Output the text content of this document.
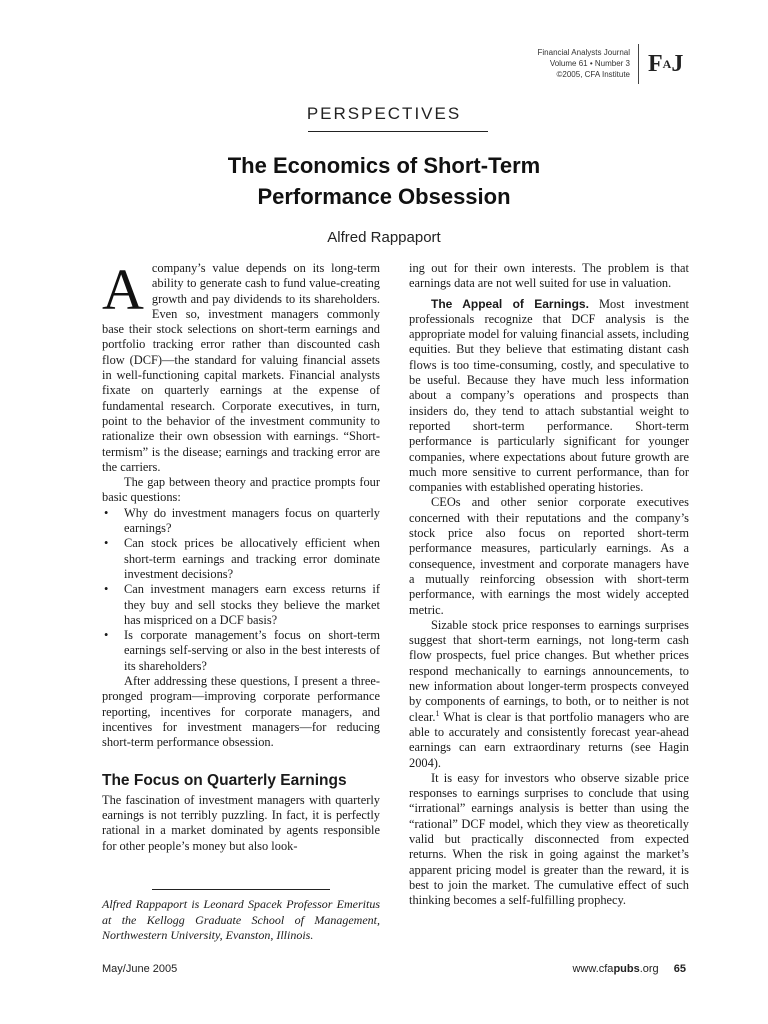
Financial Analysts Journal
Volume 61 • Number 3
©2005, CFA Institute FAJ
PERSPECTIVES
The Economics of Short-Term
Performance Obsession
Alfred Rappaport

Acompany’s value depends on its long-term ability to generate cash to fund value-creating growth and pay dividends to its shareholders. Even so, investment managers commonly base their stock selections on short-term earnings and portfolio tracking error rather than discounted cash flow (DCF)—the standard for valuing financial assets in well-functioning capital markets. Financial analysts fixate on quarterly earnings at the expense of fundamental research. Corporate executives, in turn, point to the behavior of the investment community to rationalize their own obsession with earnings. “Short-termism” is the disease; earnings and tracking error are the carriers.

The gap between theory and practice prompts four basic questions:

• Why do investment managers focus on quarterly earnings?
• Can stock prices be allocatively efficient when short-term earnings and tracking error dominate investment decisions?
• Can investment managers earn excess returns if they buy and sell stocks they believe the market has mispriced on a DCF basis?
• Is corporate management’s focus on short-term earnings self-serving or also in the best interests of its shareholders?

After addressing these questions, I present a three-pronged program—improving corporate performance reporting, incentives for corporate managers, and incentives for investment managers—for reducing short-term performance obsession.

The Focus on Quarterly Earnings

The fascination of investment managers with quarterly earnings is not terribly puzzling. In fact, it is perfectly rational in a market dominated by agents responsible for other people’s money but also look-

ing out for their own interests. The problem is that earnings data are not well suited for use in valuation.

The Appeal of Earnings. Most investment professionals recognize that DCF analysis is the appropriate model for valuing financial assets, including equities. But they believe that estimating distant cash flows is too time-consuming, costly, and speculative to be useful. Because they have much less information about a company’s operations and prospects than insiders do, they tend to attach substantial weight to reported short-term performance. Short-term performance is particularly significant for younger companies, where expectations about future growth are much more sensitive to current performance, than for companies with established operating histories.

CEOs and other senior corporate executives concerned with their reputations and the company’s stock price also focus on reported short-term performance measures, particularly earnings. As a consequence, investment and corporate managers have a mutually reinforcing obsession with short-term performance, with earnings the most widely accepted metric.

Sizable stock price responses to earnings surprises suggest that short-term earnings, not long-term cash flow prospects, fuel price changes. But whether prices respond mechanically to earnings announcements, to new information about longer-term prospects conveyed by components of earnings, to both, or to neither is not clear.$^1$ What is clear is that portfolio managers who are able to accurately and consistently forecast year-ahead earnings can earn extraordinary returns (see Hagin 2004).

It is easy for investors who observe sizable price responses to earnings surprises to conclude that using “irrational” earnings analysis is better than using the “rational” DCF model, which they view as theoretically valid but practically disconnected from expected returns. When the risk in going against the market’s apparent pricing model is greater than the reward, it is best to join the market. The cumulative effect of such thinking becomes a self-fulfilling prophecy.

Alfred Rappaport is Leonard Spacek Professor Emeritus at the Kellogg Graduate School of Management, Northwestern University, Evanston, Illinois.
May/June 2005	www.cfapubs.org 65
